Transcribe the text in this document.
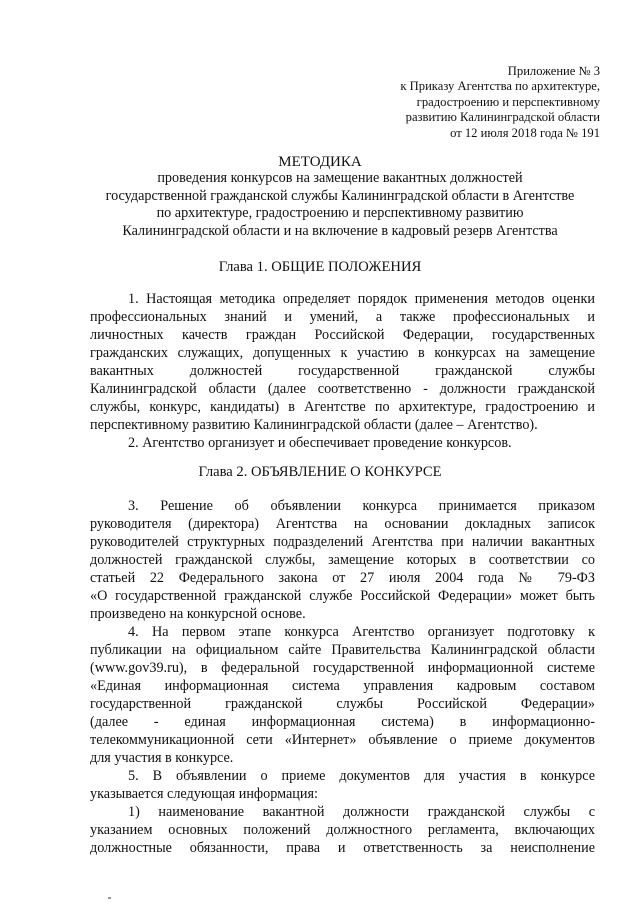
Приложение № 3
к Приказу Агентства по архитектуре,
градостроению и перспективному
развитию Калининградской области
от 12 июля 2018 года № 191
МЕТОДИКА
проведения конкурсов на замещение вакантных должностей
государственной гражданской службы Калининградской области в Агентстве
по архитектуре, градостроению и перспективному развитию
Калининградской области и на включение в кадровый резерв Агентства
Глава 1. ОБЩИЕ ПОЛОЖЕНИЯ
1. Настоящая методика определяет порядок применения методов оценки
профессиональных знаний и умений, а также профессиональных и
личностных качеств граждан Российской Федерации, государственных
гражданских служащих, допущенных к участию в конкурсах на замещение
вакантных должностей государственной гражданской службы
Калининградской области (далее соответственно - должности гражданской
службы, конкурс, кандидаты) в Агентстве по архитектуре, градостроению и
перспективному развитию Калининградской области (далее – Агентство).
2. Агентство организует и обеспечивает проведение конкурсов.
Глава 2. ОБЪЯВЛЕНИЕ О КОНКУРСЕ
3. Решение об объявлении конкурса принимается приказом
руководителя (директора) Агентства на основании докладных записок
руководителей структурных подразделений Агентства при наличии вакантных
должностей гражданской службы, замещение которых в соответствии со
статьей 22 Федерального закона от 27 июля 2004 года № 79-ФЗ
«О государственной гражданской службе Российской Федерации» может быть
произведено на конкурсной основе.
4. На первом этапе конкурса Агентство организует подготовку к
публикации на официальном сайте Правительства Калининградской области
(www.gov39.ru), в федеральной государственной информационной системе
«Единая информационная система управления кадровым составом
государственной гражданской службы Российской Федерации»
(далее - единая информационная система) в информационно-
телекоммуникационной сети «Интернет» объявление о приеме документов
для участия в конкурсе.
5. В объявлении о приеме документов для участия в конкурсе
указывается следующая информация:
1) наименование вакантной должности гражданской службы с
указанием основных положений должностного регламента, включающих
должностные обязанности, права и ответственность за неисполнение
